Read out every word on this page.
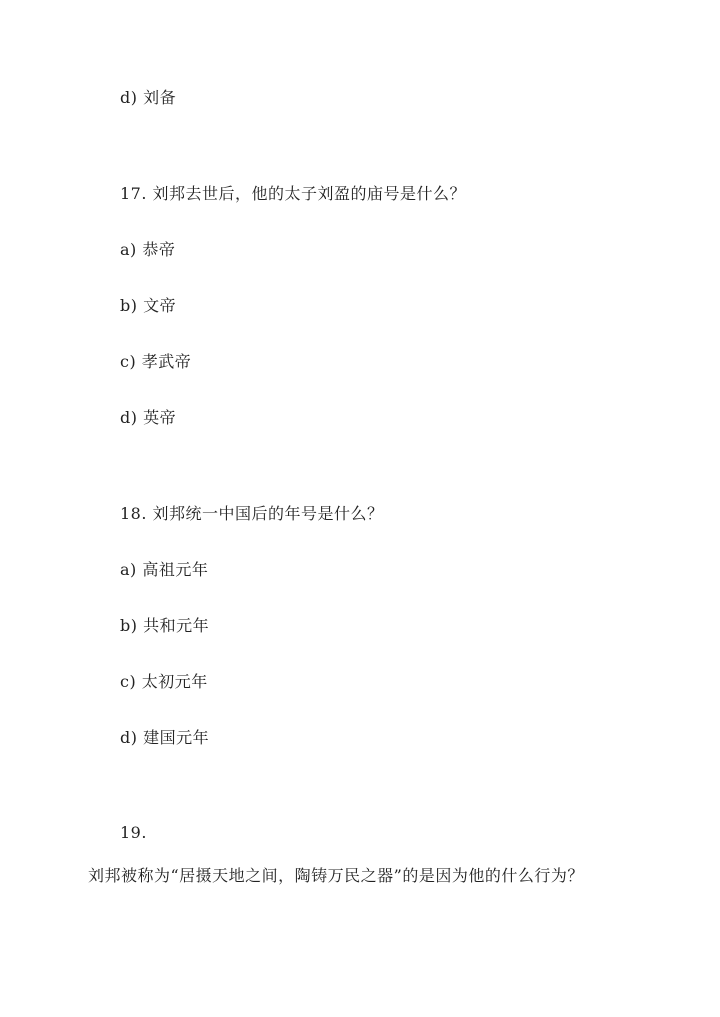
d) 刘备
17. 刘邦去世后，他的太子刘盈的庙号是什么？
a) 恭帝
b) 文帝
c) 孝武帝
d) 英帝
18. 刘邦统一中国后的年号是什么？
a) 高祖元年
b) 共和元年
c) 太初元年
d) 建国元年
19.
刘邦被称为“居摄天地之间，陶铸万民之器”的是因为他的什么行为？
